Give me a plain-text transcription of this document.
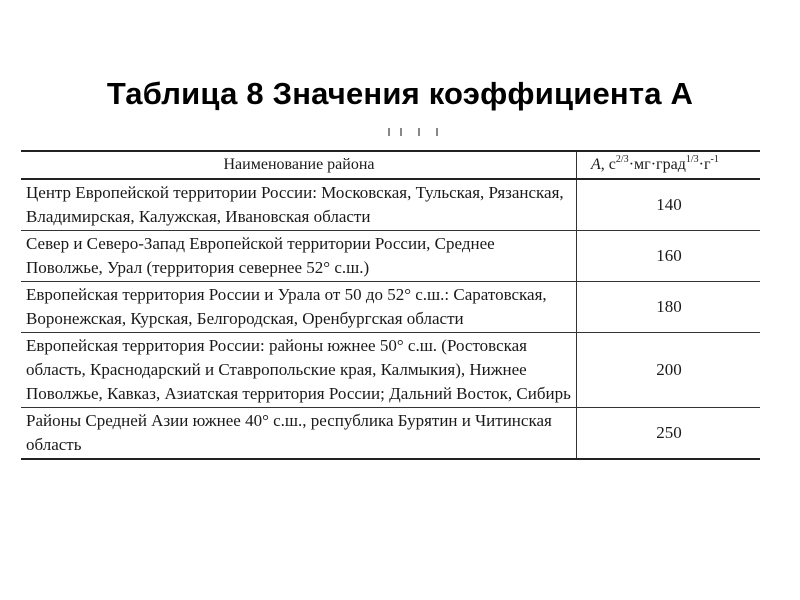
Таблица 8 Значения коэффициента А
Наименование района	A, $с^{2/3}\cdot мг\cdot град^{1/3}\cdot г^{-1}$
Центр Европейской территории России: Московская, Тульская, Рязанская, Владимирская, Калужская, Ивановская области	140
Север и Северо-Запад Европейской территории России, Среднее Поволжье, Урал (территория севернее 52° с.ш.)	160
Европейская территория России и Урала от 50 до 52° с.ш.: Саратовская, Воронежская, Курская, Белгородская, Оренбургская области	180
Европейская территория России: районы южнее 50° с.ш. (Ростовская область, Краснодарский и Ставропольские края, Калмыкия), Нижнее Поволжье, Кавказ, Азиатская территория России; Дальний Восток, Сибирь	200
Районы Средней Азии южнее 40° с.ш., республика Бурятин и Читинская область	250
